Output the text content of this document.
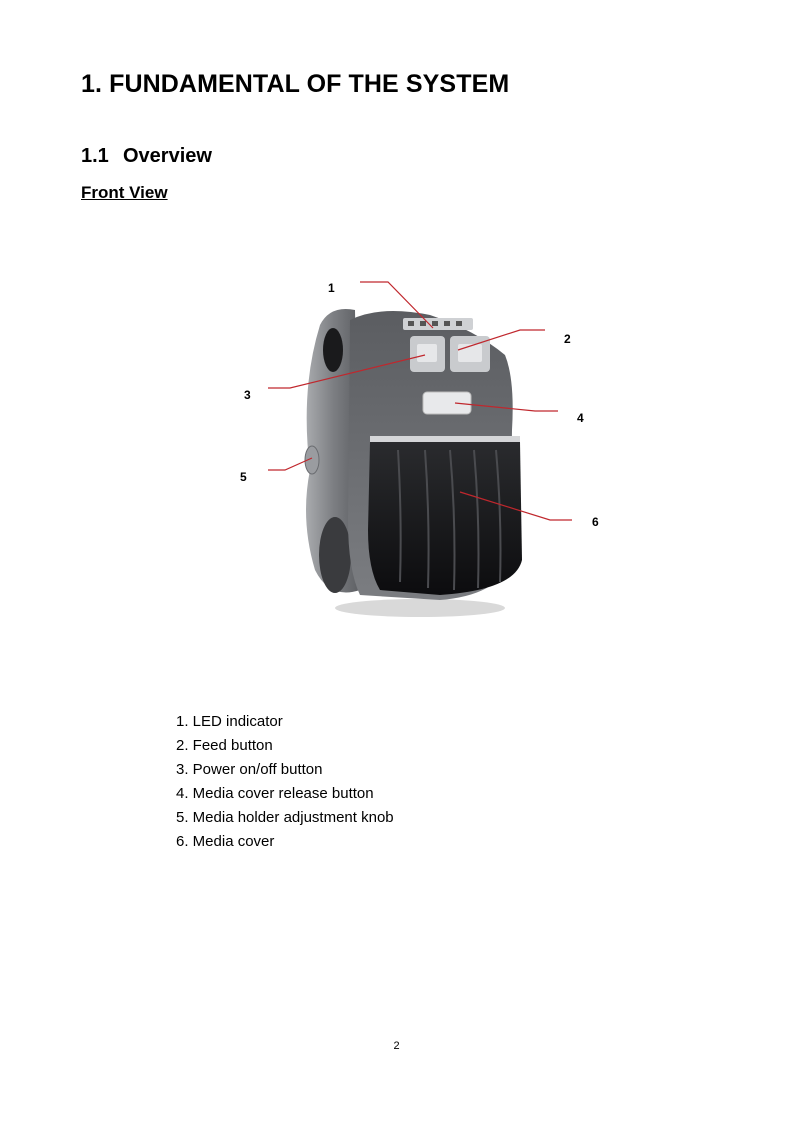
1. FUNDAMENTAL OF THE SYSTEM
1.1 Overview
Front View
1
2
3
4
5
6
1. LED indicator
2. Feed button
3. Power on/off button
4. Media cover release button
5. Media holder adjustment knob
6. Media cover
2
